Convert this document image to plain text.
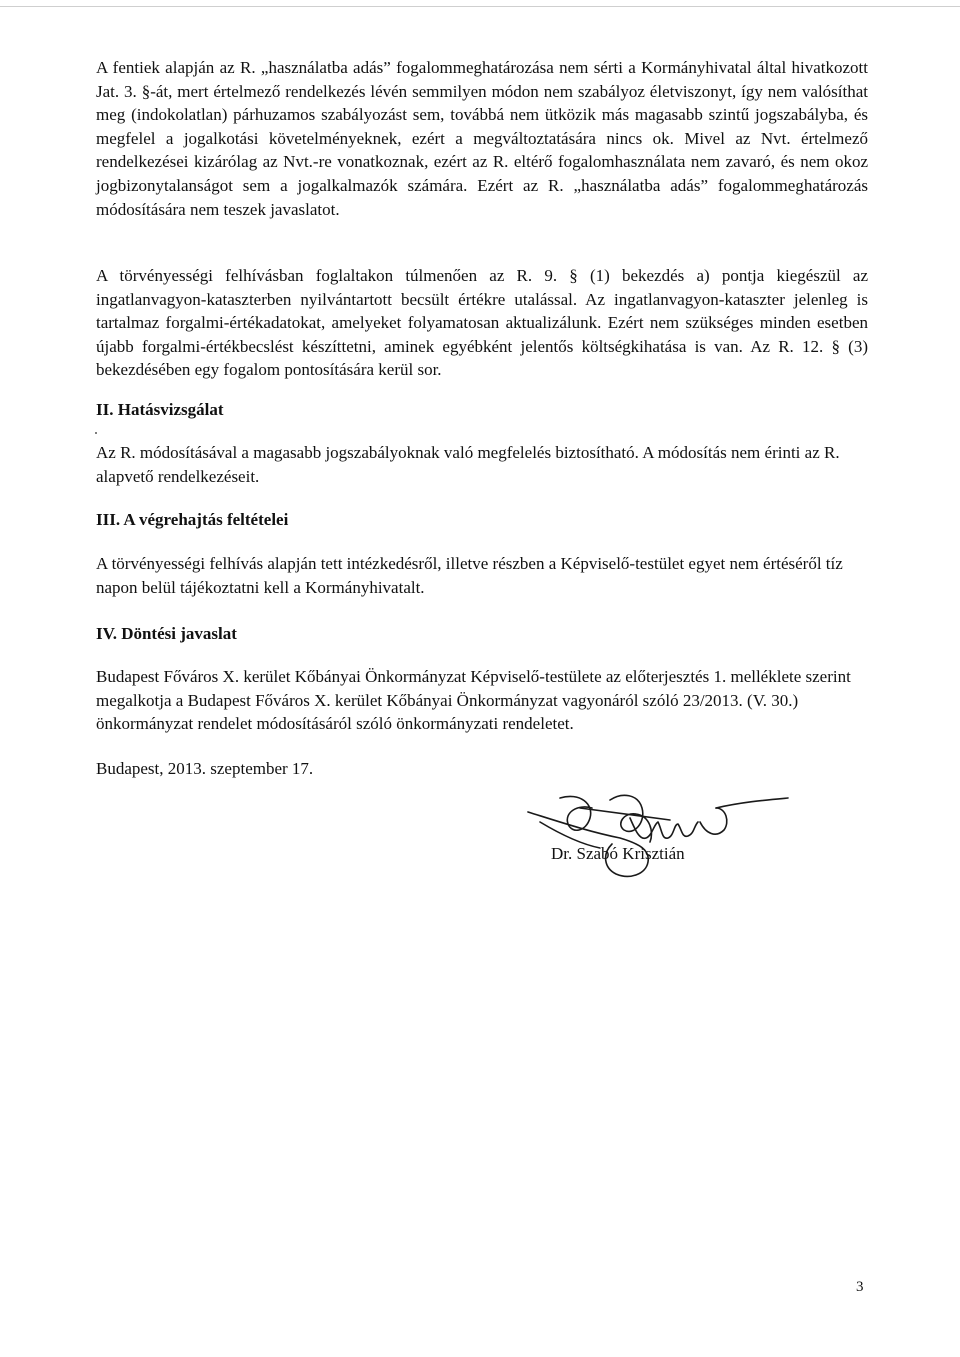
A fentiek alapján az R. „használatba adás” fogalommeghatározása nem sérti a Kormányhivatal által hivatkozott Jat. 3. §-át, mert értelmező rendelkezés lévén semmilyen módon nem szabályoz életviszonyt, így nem valósíthat meg (indokolatlan) párhuzamos szabályozást sem, továbbá nem ütközik más magasabb szintű jogszabályba, és megfelel a jogalkotási követelményeknek, ezért a megváltoztatására nincs ok. Mivel az Nvt. értelmező rendelkezései kizárólag az Nvt.-re vonatkoznak, ezért az R. eltérő fogalomhasználata nem zavaró, és nem okoz jogbizonytalanságot sem a jogalkalmazók számára. Ezért az R. „használatba adás” fogalommeghatározás módosítására nem teszek javaslatot.
A törvényességi felhívásban foglaltakon túlmenően az R. 9. § (1) bekezdés a) pontja kiegészül az ingatlanvagyon-kataszterben nyilvántartott becsült értékre utalással. Az ingatlanvagyon-kataszter jelenleg is tartalmaz forgalmi-értékadatokat, amelyeket folyamatosan aktualizálunk. Ezért nem szükséges minden esetben újabb forgalmi-értékbecslést készíttetni, aminek egyébként jelentős költségkihatása is van. Az R. 12. § (3) bekezdésében egy fogalom pontosítására kerül sor.
II. Hatásvizsgálat
Az R. módosításával a magasabb jogszabályoknak való megfelelés biztosítható. A módosítás nem érinti az R. alapvető rendelkezéseit.
III. A végrehajtás feltételei
A törvényességi felhívás alapján tett intézkedésről, illetve részben a Képviselő-testület egyet nem értéséről tíz napon belül tájékoztatni kell a Kormányhivatalt.
IV. Döntési javaslat
Budapest Főváros X. kerület Kőbányai Önkormányzat Képviselő-testülete az előterjesztés 1. melléklete szerint megalkotja a Budapest Főváros X. kerület Kőbányai Önkormányzat vagyonáról szóló 23/2013. (V. 30.) önkormányzat rendelet módosításáról szóló önkormányzati rendeletet.
Budapest, 2013. szeptember 17.
Dr. Szabó Krisztián
3
